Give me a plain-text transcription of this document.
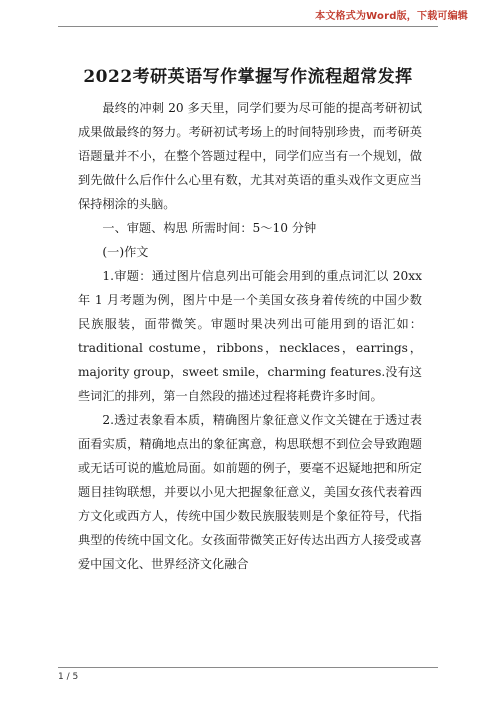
本文格式为Word版，下载可编辑
2022考研英语写作掌握写作流程超常发挥

最终的冲刺 20 多天里，同学们要为尽可能的提高考研初试成果做最终的努力。考研初试考场上的时间特别珍贵，而考研英语题量并不小，在整个答题过程中，同学们应当有一个规划，做到先做什么后作什么心里有数，尤其对英语的重头戏作文更应当保持栩涂的头脑。

一、审题、构思 所需时间：5～10 分钟

(一)作文

1.审题：通过图片信息列出可能会用到的重点词汇以 20xx 年 1 月考题为例，图片中是一个美国女孩身着传统的中国少数民族服装，面带微笑。审题时果决列出可能用到的语汇如：traditional costume，ribbons，necklaces，earrings，majority group，sweet smile，charming features.没有这些词汇的排列，第一自然段的描述过程将耗费许多时间。

2.透过表象看本质，精确图片象征意义作文关键在于透过表面看实质，精确地点出的象征寓意，构思联想不到位会导致跑题或无话可说的尴尬局面。如前题的例子，要毫不迟疑地把和所定题目挂钩联想，并要以小见大把握象征意义，美国女孩代表着西方文化或西方人，传统中国少数民族服装则是个象征符号，代指典型的传统中国文化。女孩面带微笑正好传达出西方人接受或喜爱中国文化、世界经济文化融合

1 / 5
